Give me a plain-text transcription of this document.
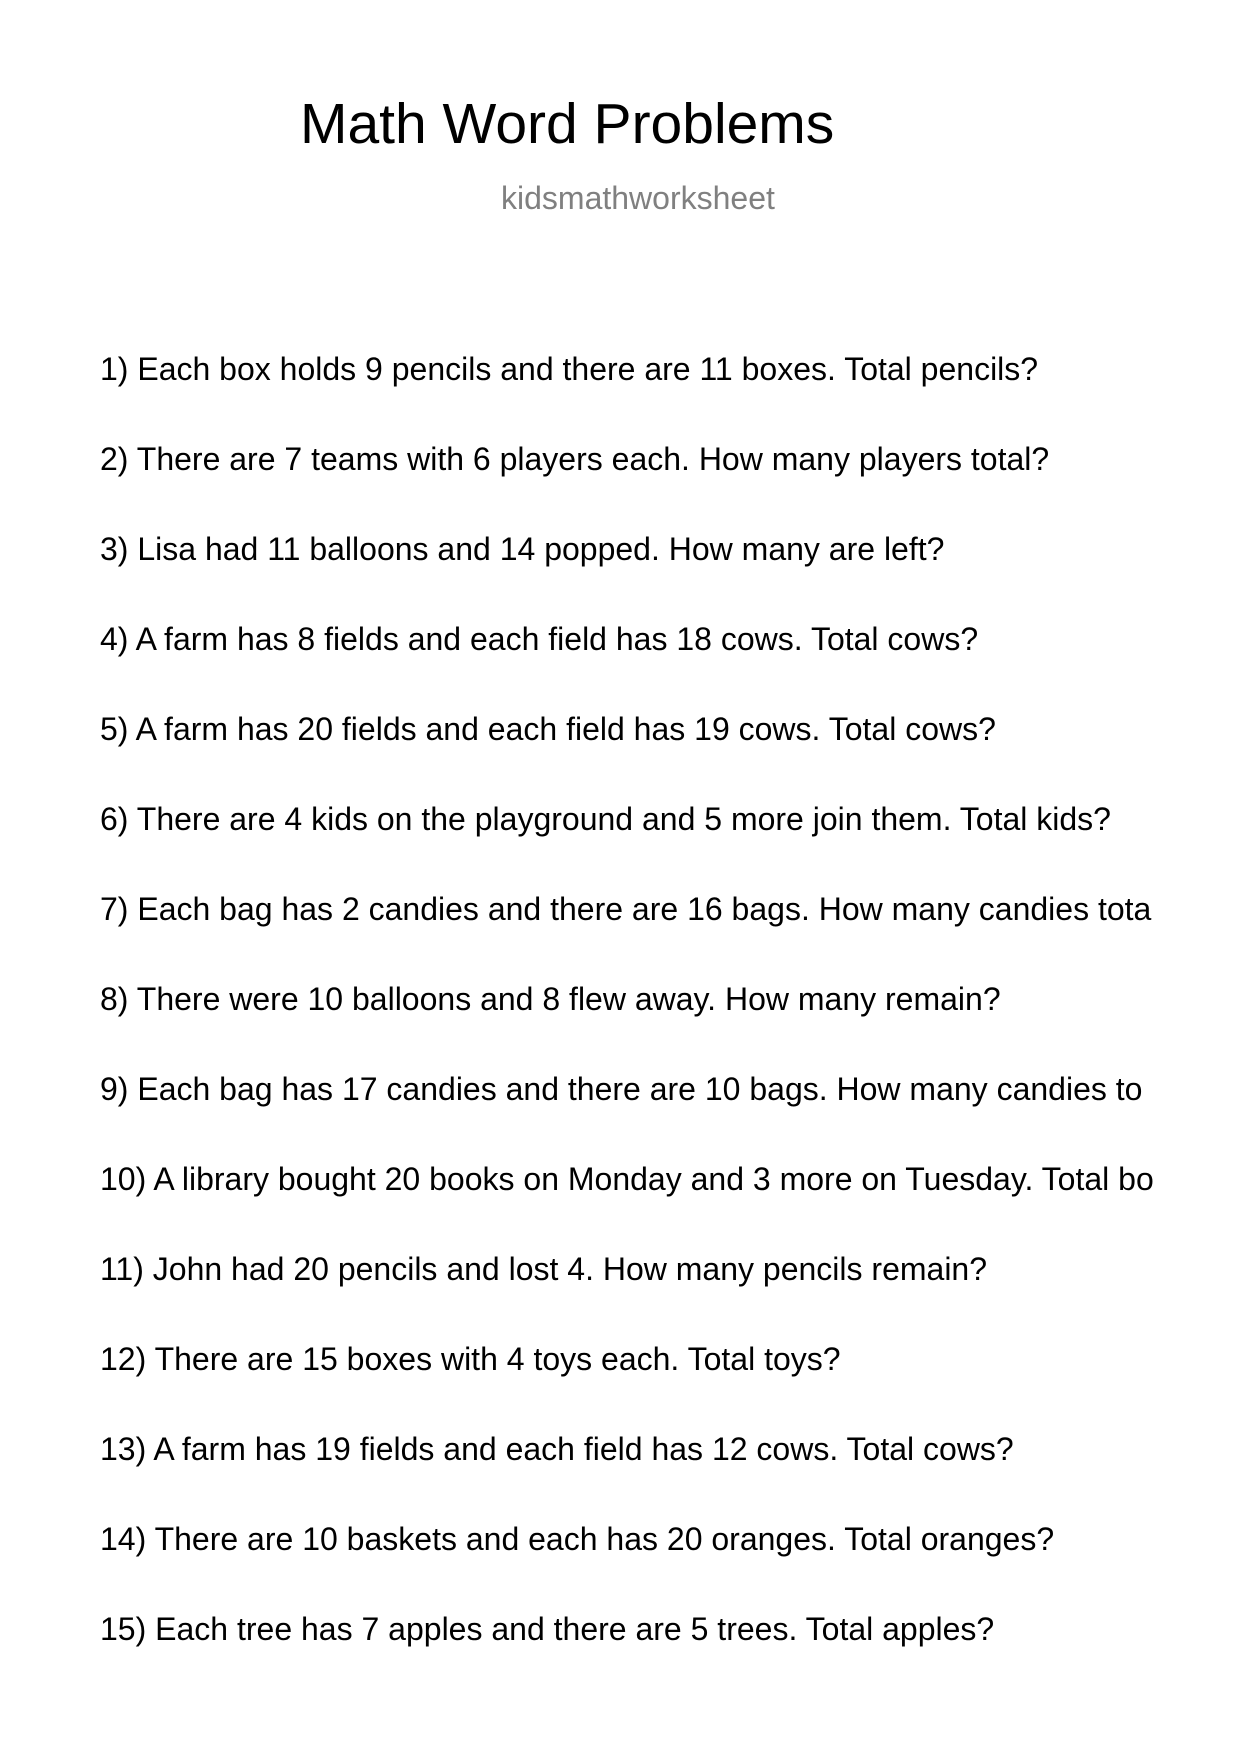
Math Word Problems
kidsmathworksheet
1) Each box holds 9 pencils and there are 11 boxes. Total pencils?
2) There are 7 teams with 6 players each. How many players total?
3) Lisa had 11 balloons and 14 popped. How many are left?
4) A farm has 8 fields and each field has 18 cows. Total cows?
5) A farm has 20 fields and each field has 19 cows. Total cows?
6) There are 4 kids on the playground and 5 more join them. Total kids?
7) Each bag has 2 candies and there are 16 bags. How many candies tota
8) There were 10 balloons and 8 flew away. How many remain?
9) Each bag has 17 candies and there are 10 bags. How many candies to
10) A library bought 20 books on Monday and 3 more on Tuesday. Total bo
11) John had 20 pencils and lost 4. How many pencils remain?
12) There are 15 boxes with 4 toys each. Total toys?
13) A farm has 19 fields and each field has 12 cows. Total cows?
14) There are 10 baskets and each has 20 oranges. Total oranges?
15) Each tree has 7 apples and there are 5 trees. Total apples?
